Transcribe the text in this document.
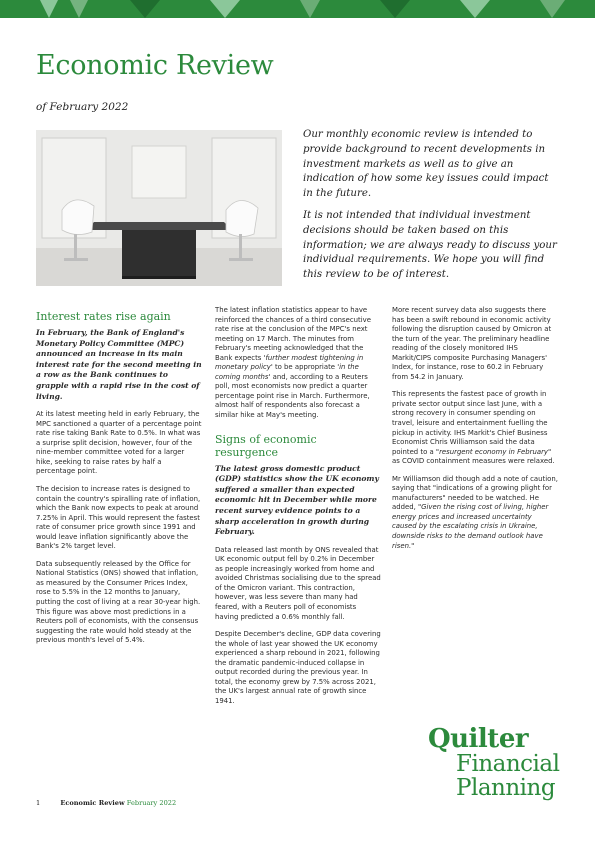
Economic Review
of February 2022

Our monthly economic review is intended to provide background to recent developments in investment markets as well as to give an indication of how some key issues could impact in the future.

It is not intended that individual investment decisions should be taken based on this information; we are always ready to discuss your individual requirements. We hope you will find this review to be of interest.

Interest rates rise again

In February, the Bank of England's Monetary Policy Committee (MPC) announced an increase in its main interest rate for the second meeting in a row as the Bank continues to grapple with a rapid rise in the cost of living.

At its latest meeting held in early February, the MPC sanctioned a quarter of a percentage point rate rise taking Bank Rate to 0.5%. In what was a surprise split decision, however, four of the nine-member committee voted for a larger hike, seeking to raise rates by half a percentage point.

The decision to increase rates is designed to contain the country's spiralling rate of inflation, which the Bank now expects to peak at around 7.25% in April. This would represent the fastest rate of consumer price growth since 1991 and would leave inflation significantly above the Bank's 2% target level.

Data subsequently released by the Office for National Statistics (ONS) showed that inflation, as measured by the Consumer Prices Index, rose to 5.5% in the 12 months to January, putting the cost of living at a rear 30-year high. This figure was above most predictions in a Reuters poll of economists, with the consensus suggesting the rate would hold steady at the previous month's level of 5.4%.

The latest inflation statistics appear to have reinforced the chances of a third consecutive rate rise at the conclusion of the MPC's next meeting on 17 March. The minutes from February's meeting acknowledged that the Bank expects 'further modest tightening in monetary policy' to be appropriate 'in the coming months' and, according to a Reuters poll, most economists now predict a quarter percentage point rise in March. Furthermore, almost half of respondents also forecast a similar hike at May's meeting.

Signs of economic resurgence

The latest gross domestic product (GDP) statistics show the UK economy suffered a smaller than expected economic hit in December while more recent survey evidence points to a sharp acceleration in growth during February.

Data released last month by ONS revealed that UK economic output fell by 0.2% in December as people increasingly worked from home and avoided Christmas socialising due to the spread of the Omicron variant. This contraction, however, was less severe than many had feared, with a Reuters poll of economists having predicted a 0.6% monthly fall.

Despite December's decline, GDP data covering the whole of last year showed the UK economy experienced a sharp rebound in 2021, following the dramatic pandemic-induced collapse in output recorded during the previous year. In total, the economy grew by 7.5% across 2021, the UK's largest annual rate of growth since 1941.

More recent survey data also suggests there has been a swift rebound in economic activity following the disruption caused by Omicron at the turn of the year. The preliminary headline reading of the closely monitored IHS Markit/CIPS composite Purchasing Managers' Index, for instance, rose to 60.2 in February from 54.2 in January.

This represents the fastest pace of growth in private sector output since last June, with a strong recovery in consumer spending on travel, leisure and entertainment fuelling the pickup in activity. IHS Markit's Chief Business Economist Chris Williamson said the data pointed to a "resurgent economy in February" as COVID containment measures were relaxed.

Mr Williamson did though add a note of caution, saying that "indications of a growing plight for manufacturers" needed to be watched. He added, "Given the rising cost of living, higher energy prices and increased uncertainty caused by the escalating crisis in Ukraine, downside risks to the demand outlook have risen."

Quilter
Financial
Planning
1	Economic Review February 2022
